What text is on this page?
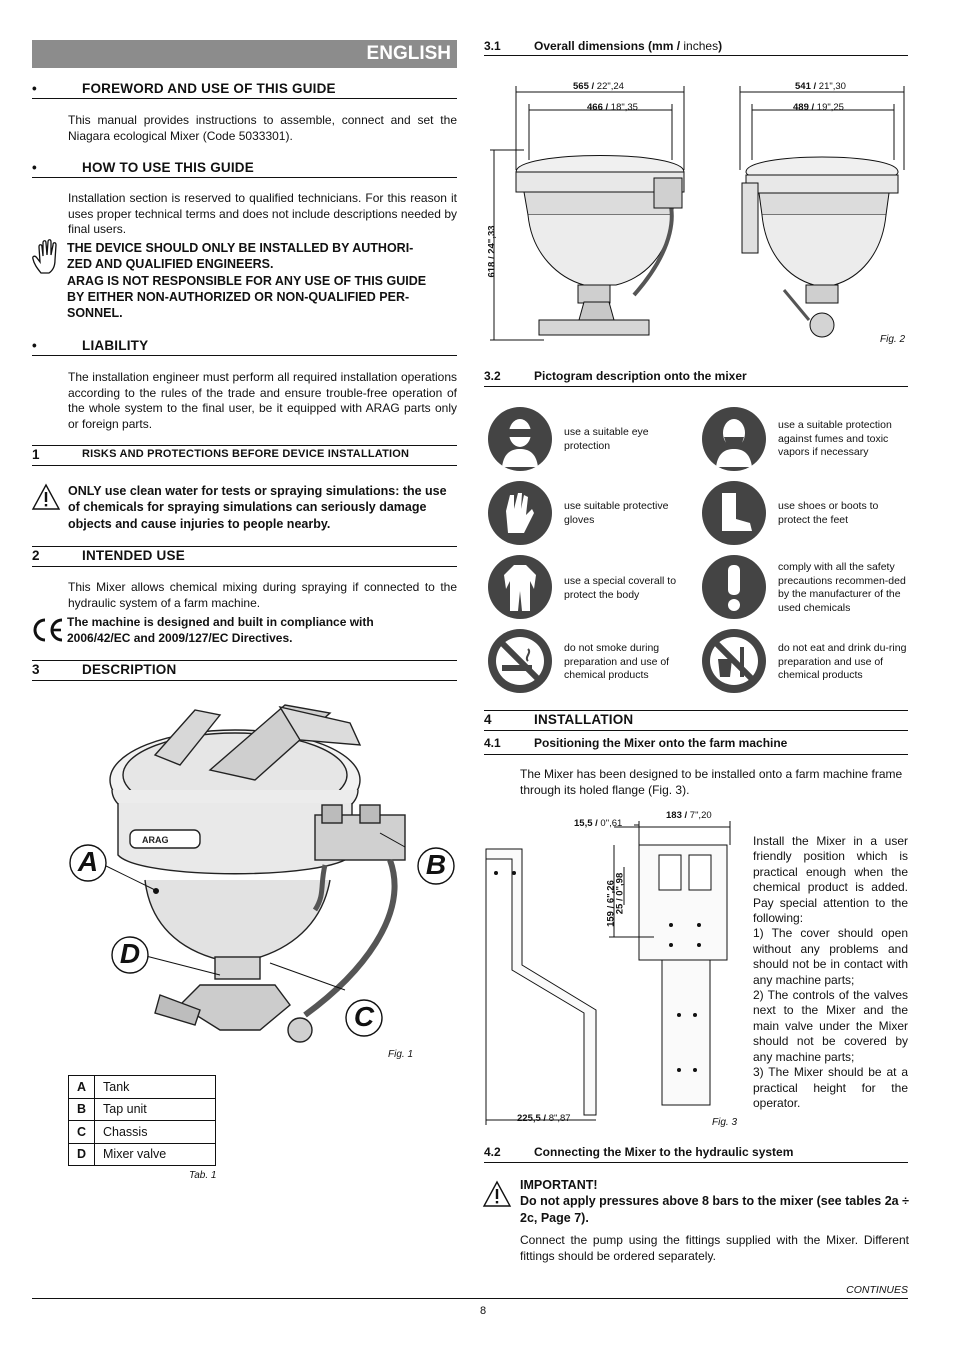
ENGLISH
•	FOREWORD AND USE OF THIS GUIDE
This manual provides instructions to assemble, connect and set the Niagara ecological Mixer (Code 5033301).
•	HOW TO USE THIS GUIDE
Installation section is reserved to qualified technicians. For this reason it uses proper technical terms and does not include descriptions needed by final users.
THE DEVICE SHOULD ONLY BE INSTALLED BY AUTHORI-
ZED AND QUALIFIED ENGINEERS.
ARAG IS NOT RESPONSIBLE FOR ANY USE OF THIS GUIDE
BY EITHER NON-AUTHORIZED OR NON-QUALIFIED PER-
SONNEL.
•	LIABILITY
The installation engineer must perform all required installation operations according to the rules of the trade and ensure trouble-free operation of the whole system to the final user, be it equipped with ARAG parts only or foreign parts.
1	RISKS AND PROTECTIONS BEFORE DEVICE INSTALLATION
ONLY use clean water for tests or spraying simulations: the use of chemicals for spraying simulations can seriously damage objects and cause injuries to people nearby.
2	INTENDED USE
This Mixer allows chemical mixing during spraying if connected to the hydraulic system of a farm machine.
The machine is designed and built in compliance with 2006/42/EC and 2009/127/EC Directives.
3	DESCRIPTION
ARAG
A	B
C
D
Fig. 1
A	Tank
B	Tap unit
C	Chassis
D	Mixer valve
Tab. 1
3.1	Overall dimensions (mm / inches)
565 / 22",24
466 / 18",35
541 / 21",30
489 / 19",25
618 / 24",33
Fig. 2
3.2	Pictogram description onto the mixer
use a suitable eye protection
use a suitable protection against fumes and toxic vapors if necessary
use suitable protective gloves
use shoes or boots to protect the feet
use a special coverall to protect the body
comply with all the safety precautions recommen-ded by the manufacturer of the used chemicals
do not smoke during preparation and use of chemical products
do not eat and drink du-ring preparation and use of chemical products
4	INSTALLATION
4.1	Positioning the Mixer onto the farm machine
The Mixer has been designed to be installed onto a farm machine frame through its holed flange (Fig. 3).
15,5 / 0",61
183 / 7",20
159 / 6",26
25 / 0",98
225,5 / 8",87	Fig. 3

Install the Mixer in a user friendly position which is practical enough when the chemical product is added. Pay special attention to the following:

1) The cover should open without any problems and should not be in contact with any machine parts;

2) The controls of the valves next to the Mixer and the main valve under the Mixer should not be covered by any machine parts;

3) The Mixer should be at a practical height for the operator.

4.2	Connecting the Mixer to the hydraulic system
IMPORTANT!
Do not apply pressures above 8 bars to the mixer (see tables 2a ÷ 2c, Page 7).
Connect the pump using the fittings supplied with the Mixer. Different fittings should be ordered separately.
CONTINUES
8
